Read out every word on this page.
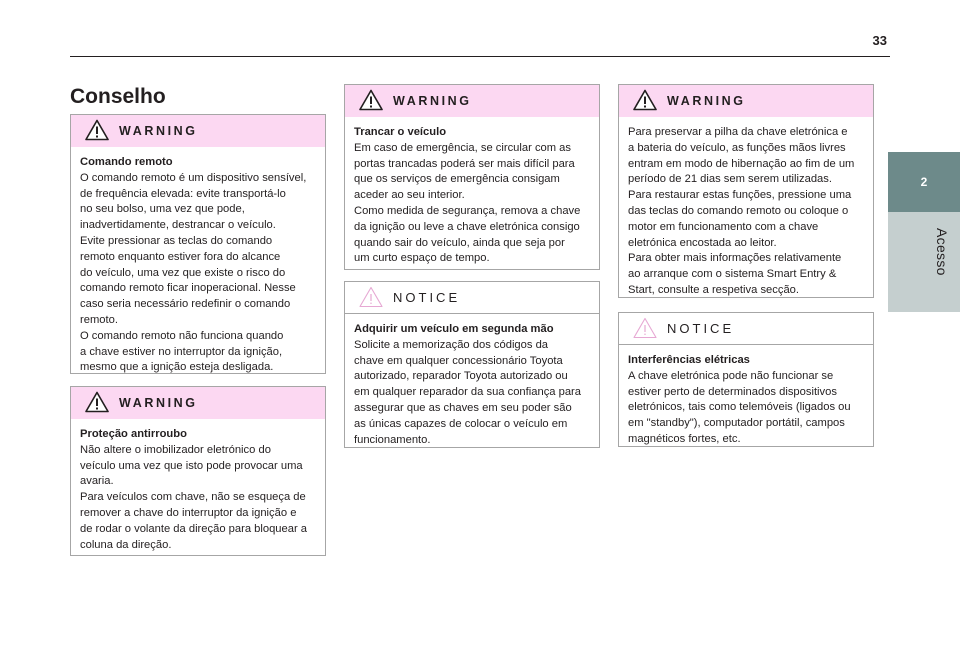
33
2
Acesso
Conselho
WARNING

Comando remoto

O comando remoto é um dispositivo sensível,

de frequência elevada: evite transportá-lo

no seu bolso, uma vez que pode,

inadvertidamente, destrancar o veículo.

Evite pressionar as teclas do comando

remoto enquanto estiver fora do alcance

do veículo, uma vez que existe o risco do

comando remoto ficar inoperacional. Nesse

caso seria necessário redefinir o comando

remoto.

O comando remoto não funciona quando

a chave estiver no interruptor da ignição,

mesmo que a ignição esteja desligada.

WARNING

Proteção antirroubo

Não altere o imobilizador eletrónico do

veículo uma vez que isto pode provocar uma

avaria.

Para veículos com chave, não se esqueça de

remover a chave do interruptor da ignição e

de rodar o volante da direção para bloquear a

coluna da direção.

WARNING

Trancar o veículo

Em caso de emergência, se circular com as

portas trancadas poderá ser mais difícil para

que os serviços de emergência consigam

aceder ao seu interior.

Como medida de segurança, remova a chave

da ignição ou leve a chave eletrónica consigo

quando sair do veículo, ainda que seja por

um curto espaço de tempo.

NOTICE

Adquirir um veículo em segunda mão

Solicite a memorização dos códigos da

chave em qualquer concessionário Toyota

autorizado, reparador Toyota autorizado ou

em qualquer reparador da sua confiança para

assegurar que as chaves em seu poder são

as únicas capazes de colocar o veículo em

funcionamento.

WARNING

Para preservar a pilha da chave eletrónica e

a bateria do veículo, as funções mãos livres

entram em modo de hibernação ao fim de um

período de 21 dias sem serem utilizadas.

Para restaurar estas funções, pressione uma

das teclas do comando remoto ou coloque o

motor em funcionamento com a chave

eletrónica encostada ao leitor.

Para obter mais informações relativamente

ao arranque com o sistema Smart Entry &

Start, consulte a respetiva secção.

NOTICE

Interferências elétricas

A chave eletrónica pode não funcionar se

estiver perto de determinados dispositivos

eletrónicos, tais como telemóveis (ligados ou

em "standby"), computador portátil, campos

magnéticos fortes, etc.
